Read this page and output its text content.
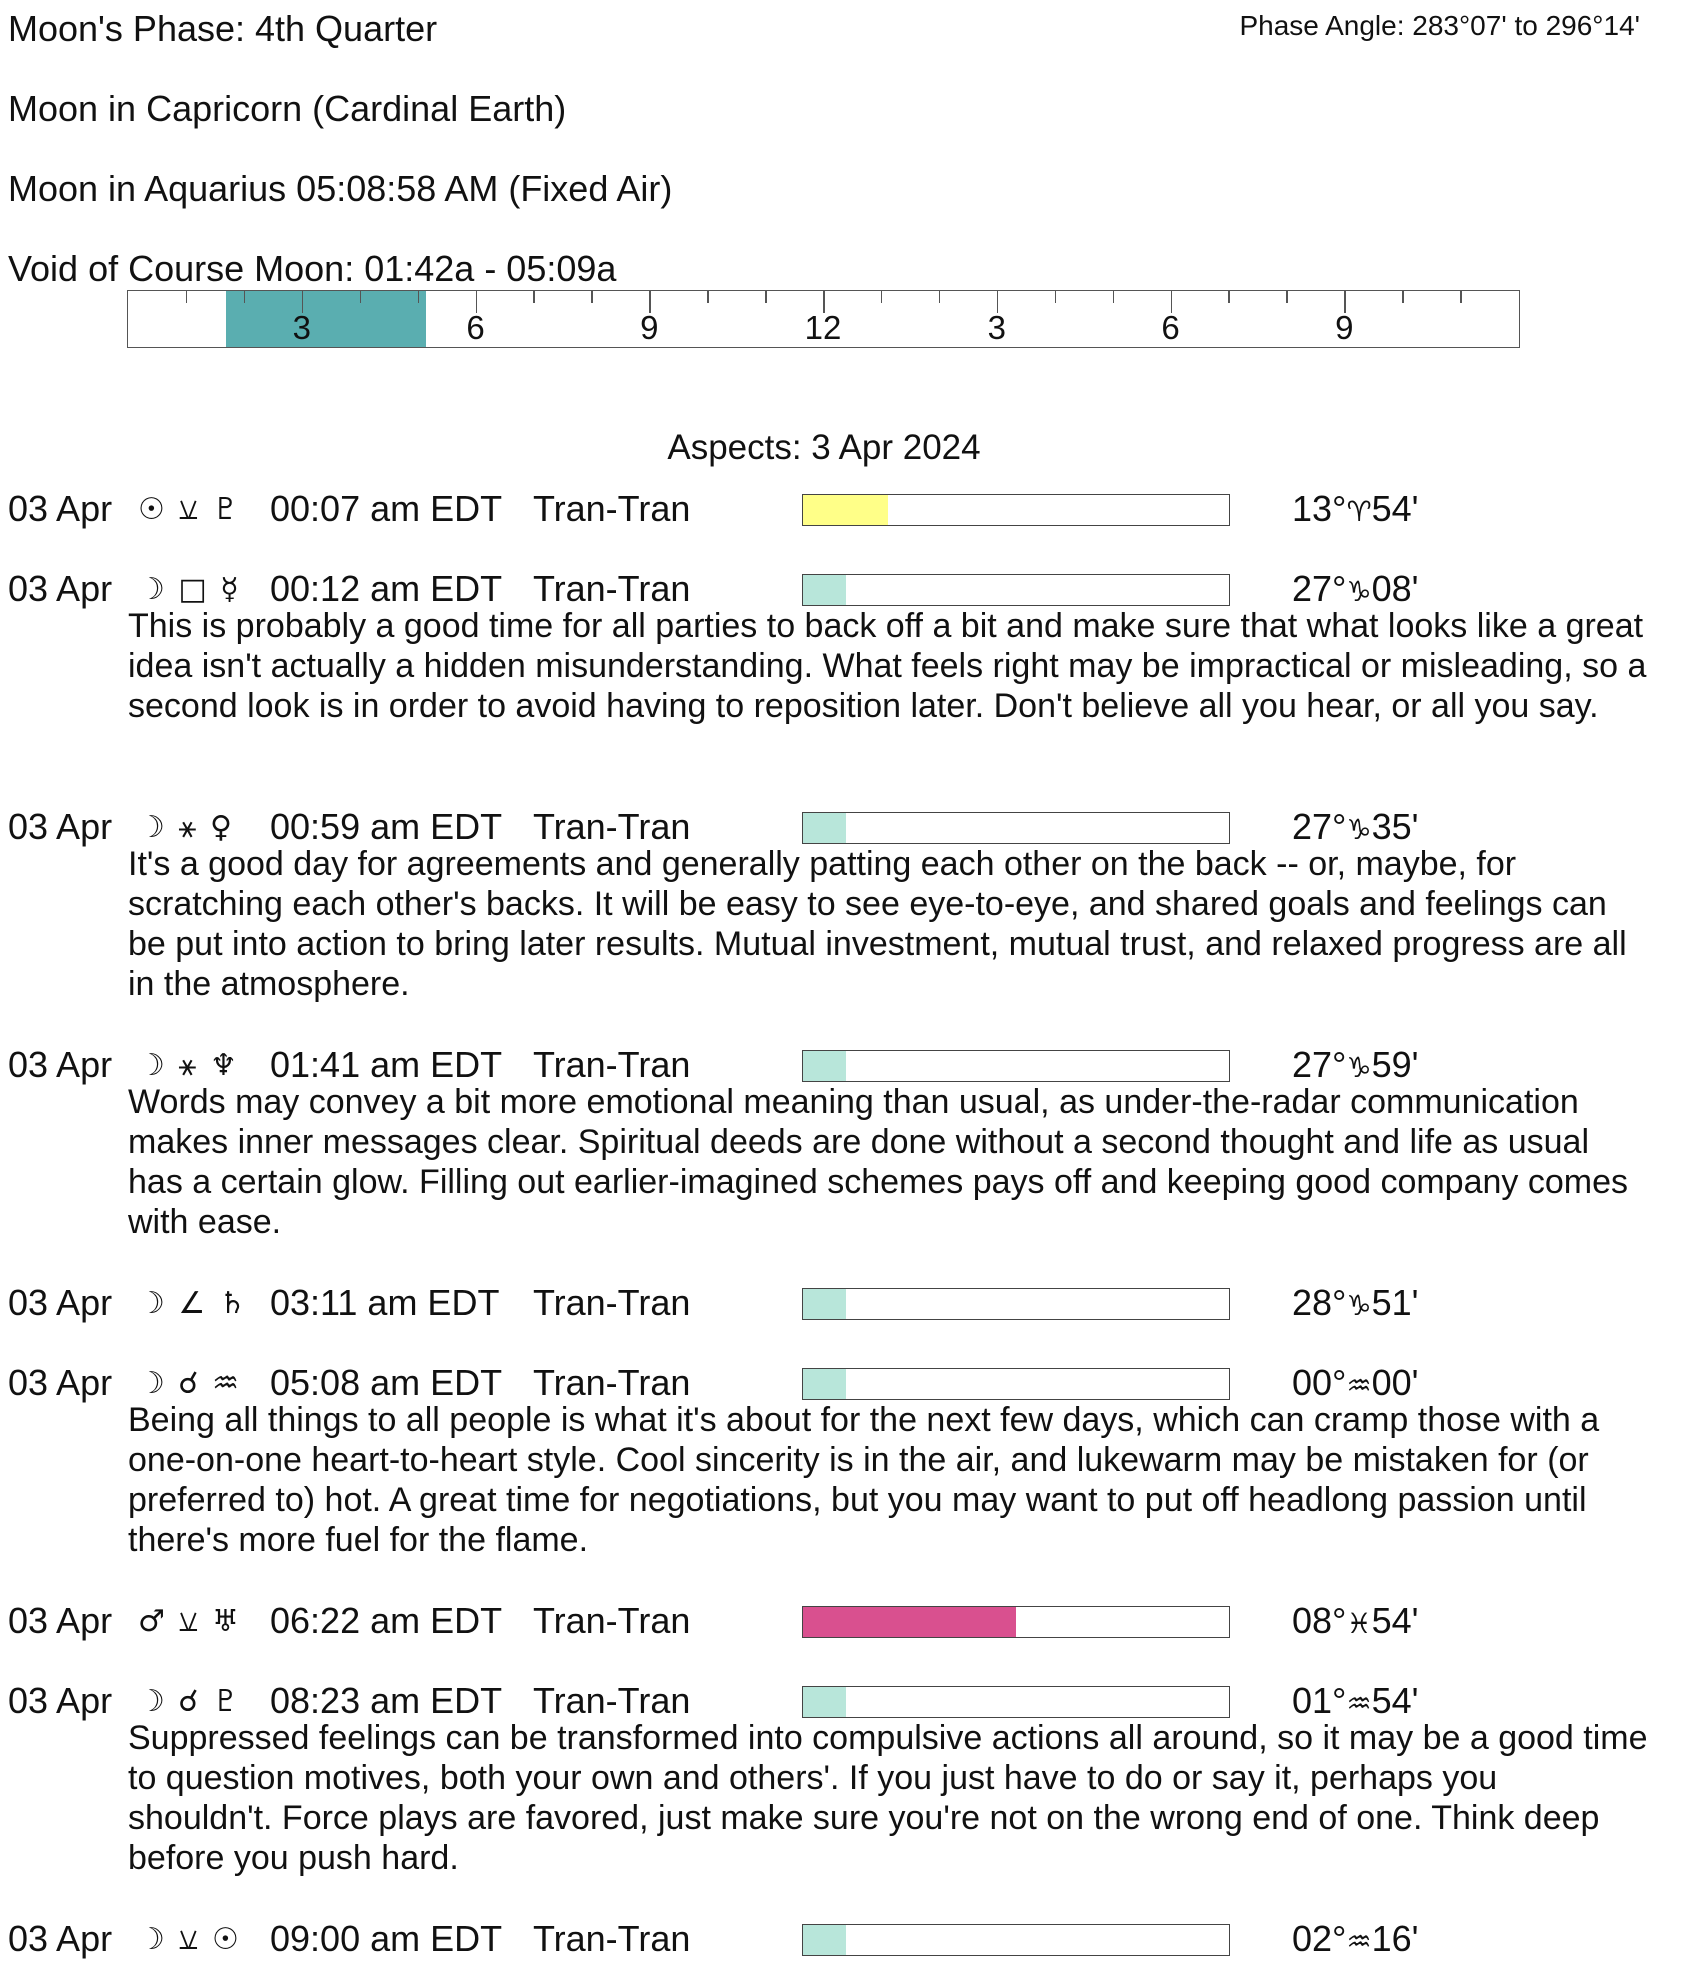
Moon's Phase: 4th Quarter	Phase Angle: 283°07' to 296°14'
Moon in Capricorn (Cardinal Earth)
Moon in Aquarius 05:08:58 AM (Fixed Air)
Void of Course Moon: 01:42a - 05:09a
3	6	9	12	3	6	9
Aspects: 3 Apr 2024
03 Apr ☉ ⚺ ♇ 00:07 am EDT Tran-Tran	13°♈54'
03 Apr ☽ □ ☿ 00:12 am EDT Tran-Tran	27°♑08'
This is probably a good time for all parties to back off a bit and make sure that what looks like a great idea isn't actually a hidden misunderstanding. What feels right may be impractical or misleading, so a second look is in order to avoid having to reposition later. Don't believe all you hear, or all you say.
03 Apr ☽ ⚹ ♀ 00:59 am EDT Tran-Tran	27°♑35'
It's a good day for agreements and generally patting each other on the back -- or, maybe, for scratching each other's backs. It will be easy to see eye-to-eye, and shared goals and feelings can be put into action to bring later results. Mutual investment, mutual trust, and relaxed progress are all in the atmosphere.
03 Apr ☽ ⚹ ♆ 01:41 am EDT Tran-Tran	27°♑59'
Words may convey a bit more emotional meaning than usual, as under-the-radar communication makes inner messages clear. Spiritual deeds are done without a second thought and life as usual has a certain glow. Filling out earlier-imagined schemes pays off and keeping good company comes with ease.
03 Apr ☽ ∠ ♄ 03:11 am EDT Tran-Tran	28°♑51'
03 Apr ☽ ☌ ♒ 05:08 am EDT Tran-Tran	00°♒00'
Being all things to all people is what it's about for the next few days, which can cramp those with a one-on-one heart-to-heart style. Cool sincerity is in the air, and lukewarm may be mistaken for (or preferred to) hot. A great time for negotiations, but you may want to put off headlong passion until there's more fuel for the flame.
03 Apr ♂ ⚺ ♅ 06:22 am EDT Tran-Tran	08°♓54'
03 Apr ☽ ☌ ♇ 08:23 am EDT Tran-Tran	01°♒54'
Suppressed feelings can be transformed into compulsive actions all around, so it may be a good time to question motives, both your own and others'. If you just have to do or say it, perhaps you shouldn't. Force plays are favored, just make sure you're not on the wrong end of one. Think deep before you push hard.
03 Apr ☽ ⚺ ☉ 09:00 am EDT Tran-Tran	02°♒16'
